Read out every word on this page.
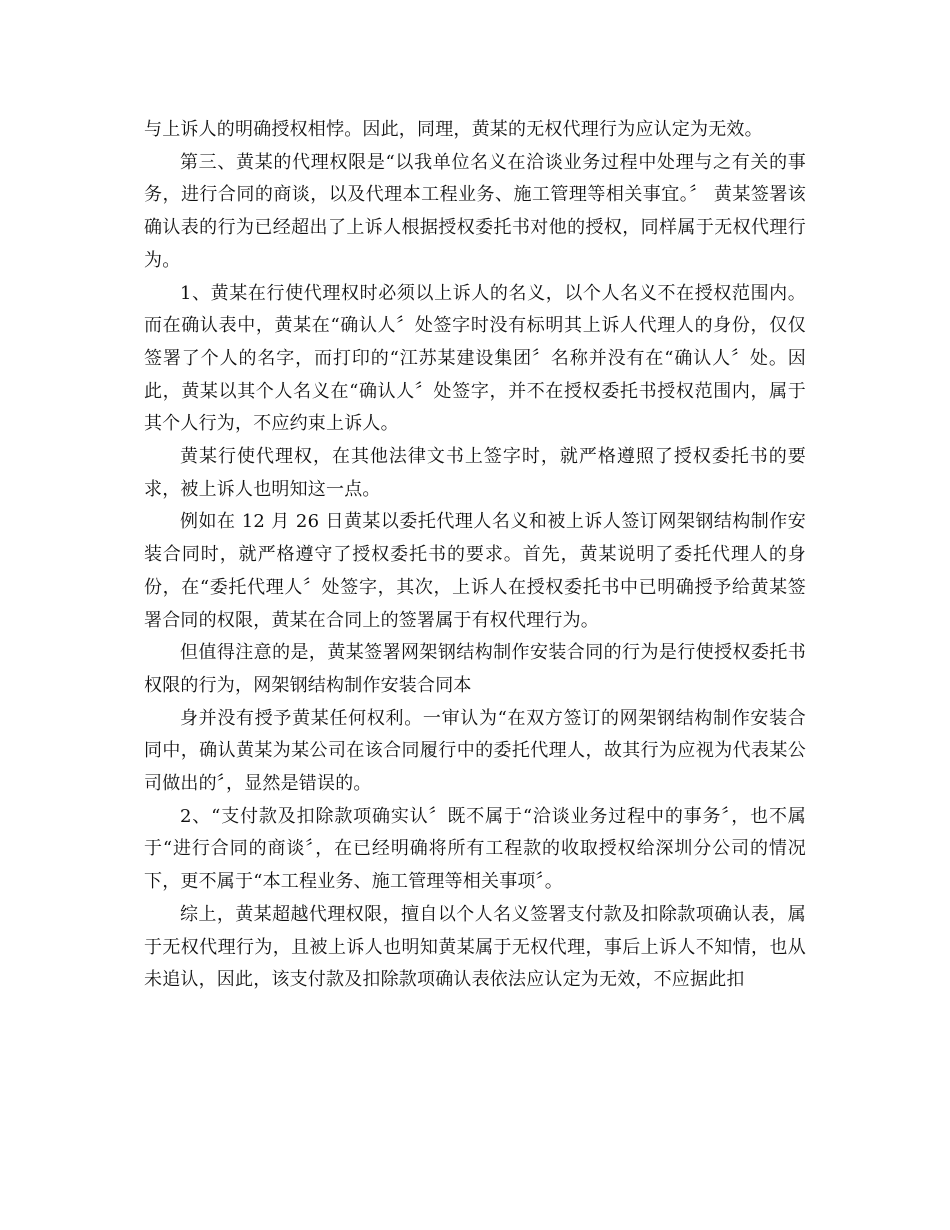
与上诉人的明确授权相悖。因此，同理，黄某的无权代理行为应认定为无效。

第三、黄某的代理权限是“以我单位名义在洽谈业务过程中处理与之有关的事务，进行合同的商谈，以及代理本工程业务、施工管理等相关事宜。〞 黄某签署该确认表的行为已经超出了上诉人根据授权委托书对他的授权，同样属于无权代理行为。

1、黄某在行使代理权时必须以上诉人的名义，以个人名义不在授权范围内。而在确认表中，黄某在“确认人〞处签字时没有标明其上诉人代理人的身份，仅仅签署了个人的名字，而打印的“江苏某建设集团〞名称并没有在“确认人〞处。因此，黄某以其个人名义在“确认人〞处签字，并不在授权委托书授权范围内，属于其个人行为，不应约束上诉人。

黄某行使代理权，在其他法律文书上签字时，就严格遵照了授权委托书的要求，被上诉人也明知这一点。

例如在 12 月 26 日黄某以委托代理人名义和被上诉人签订网架钢结构制作安装合同时，就严格遵守了授权委托书的要求。首先，黄某说明了委托代理人的身份，在“委托代理人〞处签字，其次，上诉人在授权委托书中已明确授予给黄某签署合同的权限，黄某在合同上的签署属于有权代理行为。

但值得注意的是，黄某签署网架钢结构制作安装合同的行为是行使授权委托书权限的行为，网架钢结构制作安装合同本

身并没有授予黄某任何权利。一审认为“在双方签订的网架钢结构制作安装合同中，确认黄某为某公司在该合同履行中的委托代理人，故其行为应视为代表某公司做出的〞，显然是错误的。

2、“支付款及扣除款项确实认〞既不属于“洽谈业务过程中的事务〞，也不属于“进行合同的商谈〞，在已经明确将所有工程款的收取授权给深圳分公司的情况下，更不属于“本工程业务、施工管理等相关事项〞。

综上，黄某超越代理权限，擅自以个人名义签署支付款及扣除款项确认表，属于无权代理行为，且被上诉人也明知黄某属于无权代理，事后上诉人不知情，也从未追认，因此，该支付款及扣除款项确认表依法应认定为无效，不应据此扣
